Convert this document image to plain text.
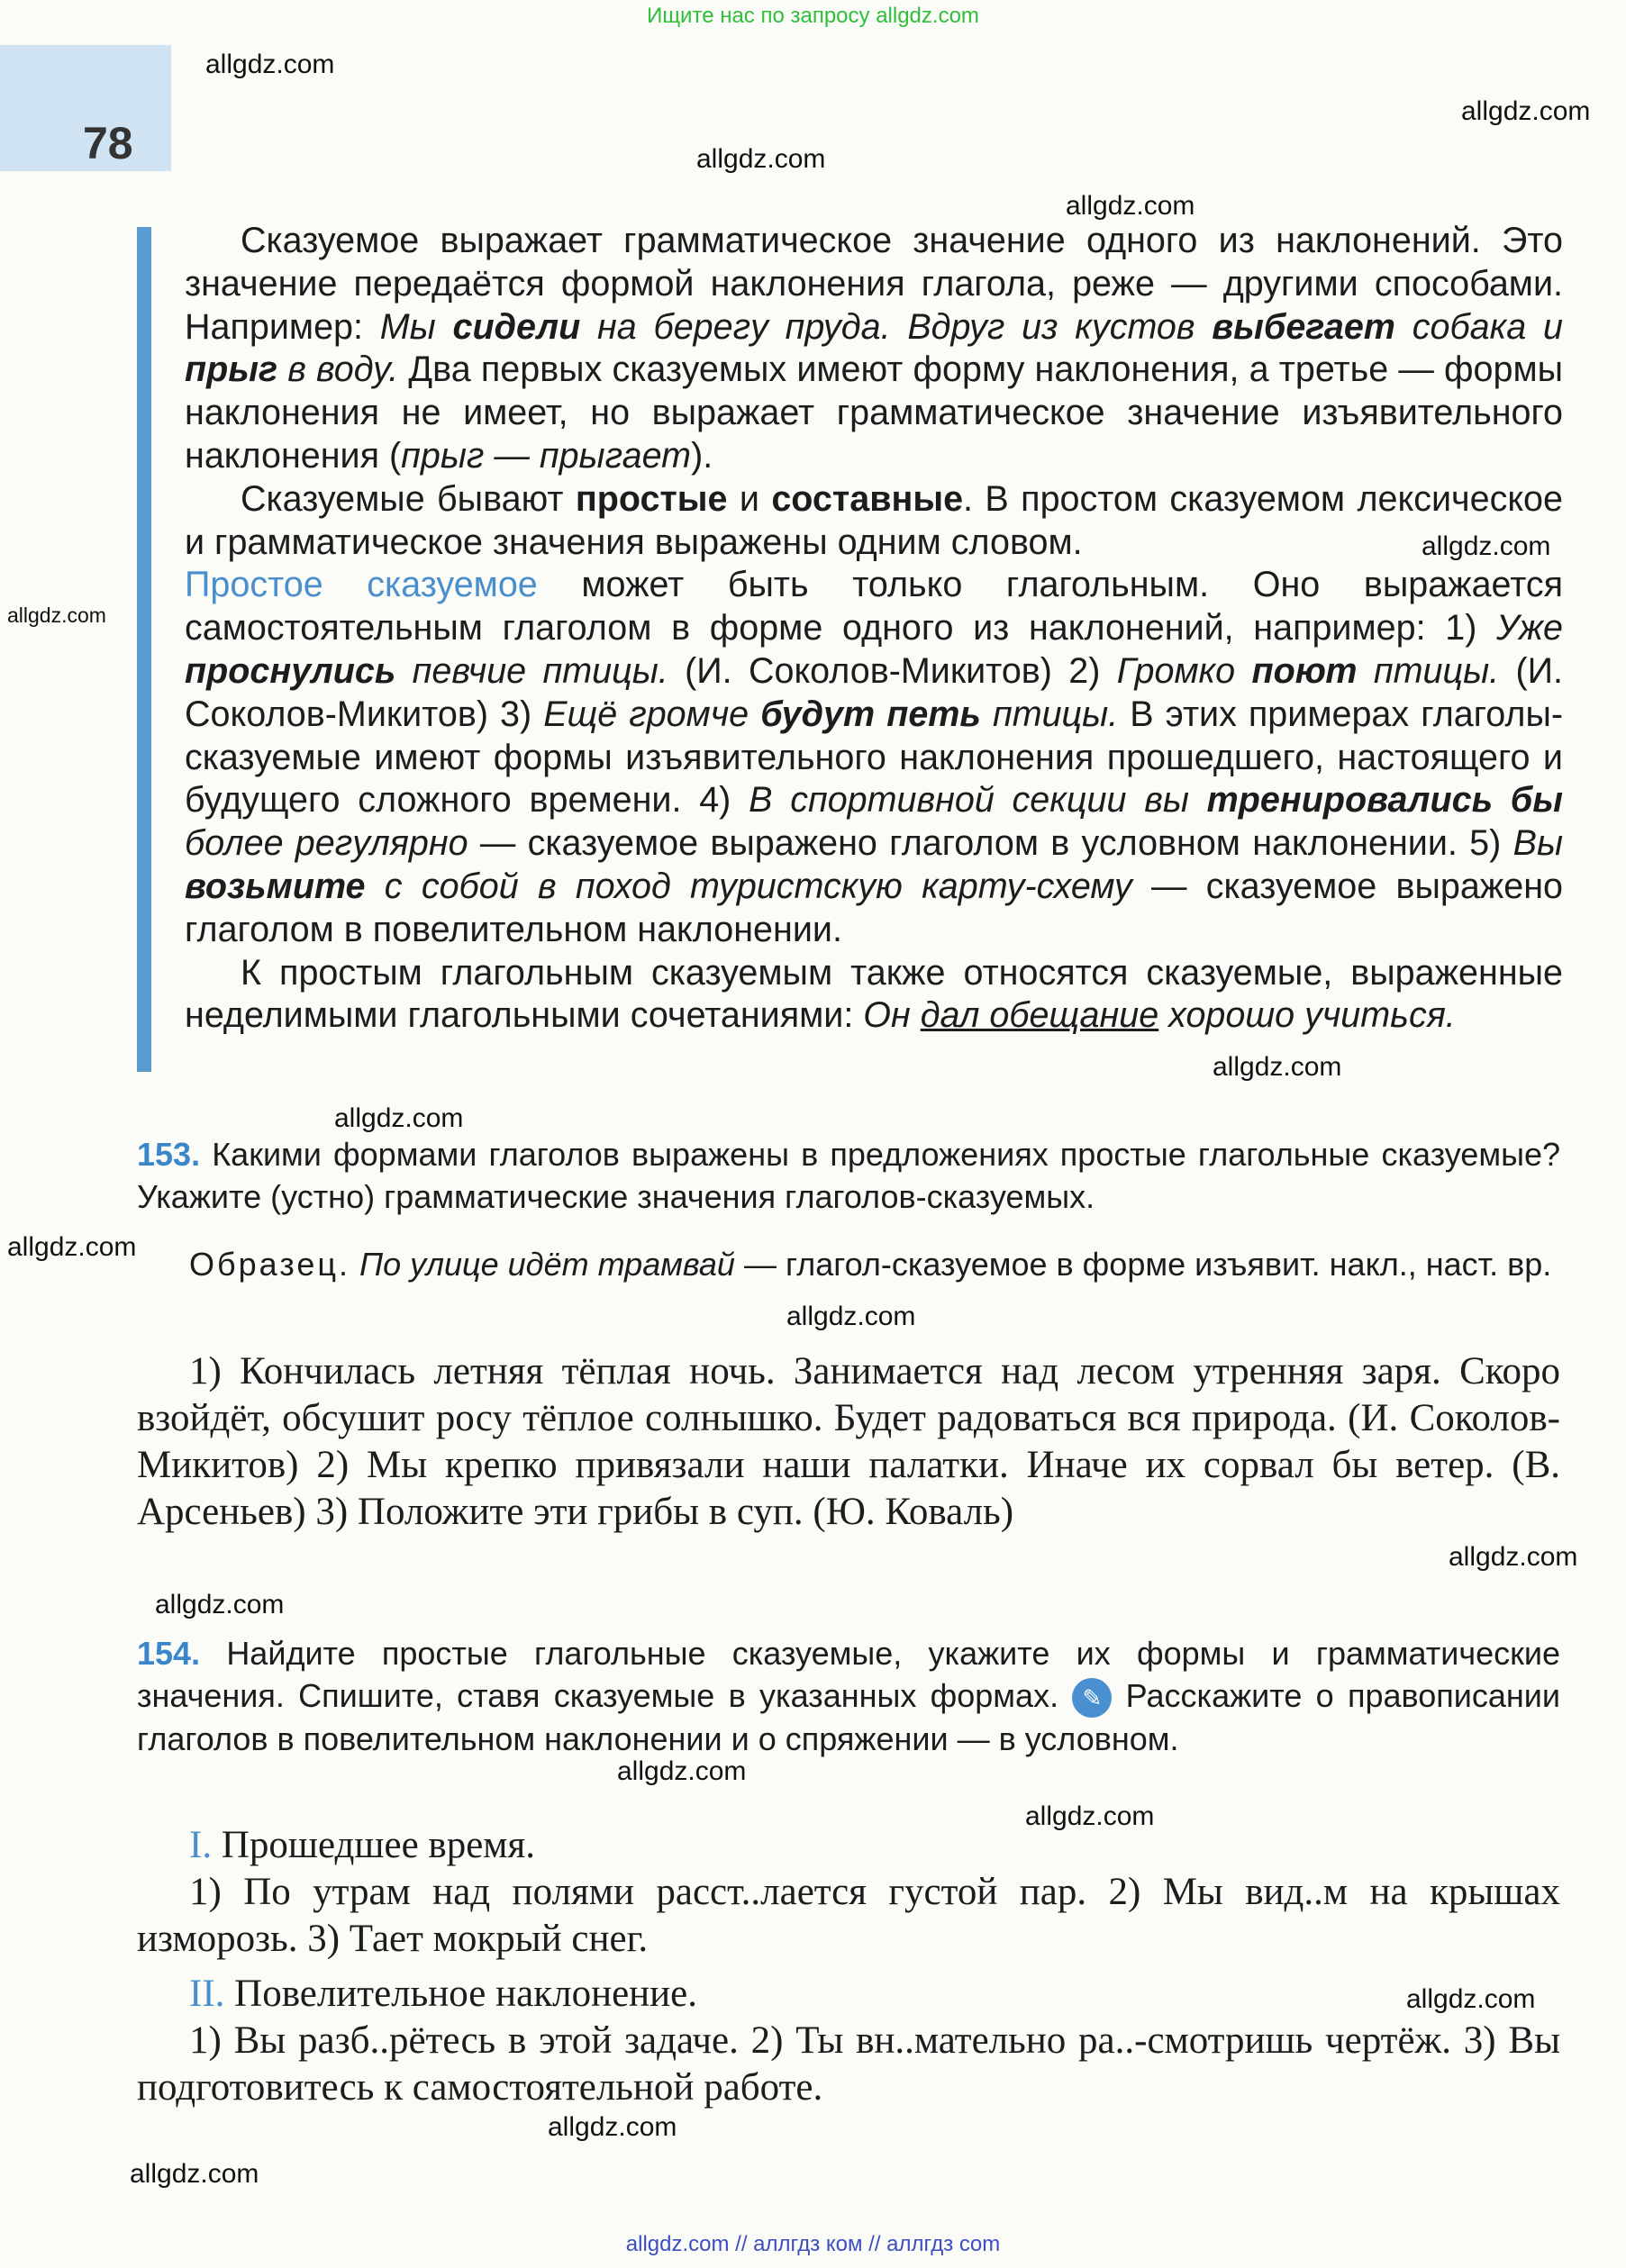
Ищите нас по запросу allgdz.com
78
allgdz.com
allgdz.com
allgdz.com
allgdz.com
allgdz.com
allgdz.com
allgdz.com
allgdz.com
allgdz.com
allgdz.com
allgdz.com
allgdz.com
allgdz.com
allgdz.com
allgdz.com
allgdz.com
allgdz.com

Сказуемое выражает грамматическое значение одного из наклонений. Это значение передаётся формой наклонения глагола, реже — другими способами. Например: Мы сидели на берегу пруда. Вдруг из кустов выбегает собака и прыг в воду. Два первых сказуемых имеют форму наклонения, а третье — формы наклонения не имеет, но выражает грамматическое значение изъявительного наклонения (прыг — прыгает).

Сказуемые бывают простые и составные. В простом сказуемом лексическое и грамматическое значения выражены одним словом.

Простое сказуемое может быть только глагольным. Оно выражается самостоятельным глаголом в форме одного из наклонений, например: 1) Уже проснулись певчие птицы. (И. Соколов-Микитов) 2) Громко поют птицы. (И. Соколов-Микитов) 3) Ещё громче будут петь птицы. В этих примерах глаголы-сказуемые имеют формы изъявительного наклонения прошедшего, настоящего и будущего сложного времени. 4) В спортивной секции вы тренировались бы более регулярно — сказуемое выражено глаголом в условном наклонении. 5) Вы возьмите с собой в поход туристскую карту-схему — сказуемое выражено глаголом в повелительном наклонении.

К простым глагольным сказуемым также относятся сказуемые, выраженные неделимыми глагольными сочетаниями: Он дал обещание хорошо учиться.

153. Какими формами глаголов выражены в предложениях простые глагольные сказуемые? Укажите (устно) грамматические значения глаголов-сказуемых.

Образец. По улице идёт трамвай — глагол-сказуемое в форме изъявит. накл., наст. вр.

1) Кончилась летняя тёплая ночь. Занимается над лесом утренняя заря. Скоро взойдёт, обсушит росу тёплое солнышко. Будет радоваться вся природа. (И. Соколов-Микитов) 2) Мы крепко привязали наши палатки. Иначе их сорвал бы ветер. (В. Арсеньев) 3) Положите эти грибы в суп. (Ю. Коваль)

154. Найдите простые глагольные сказуемые, укажите их формы и грамматические значения. Спишите, ставя сказуемые в указанных формах. ✎ Расскажите о правописании глаголов в повелительном наклонении и о спряжении — в условном.

I. Прошедшее время.

1) По утрам над полями расст..лается густой пар. 2) Мы вид..м на крышах изморозь. 3) Тает мокрый снег.

II. Повелительное наклонение.

1) Вы разб..рётесь в этой задаче. 2) Ты вн..мательно ра..-смотришь чертёж. 3) Вы подготовитесь к самостоятельной работе.

allgdz.com // аллгдз ком // аллгдз com
